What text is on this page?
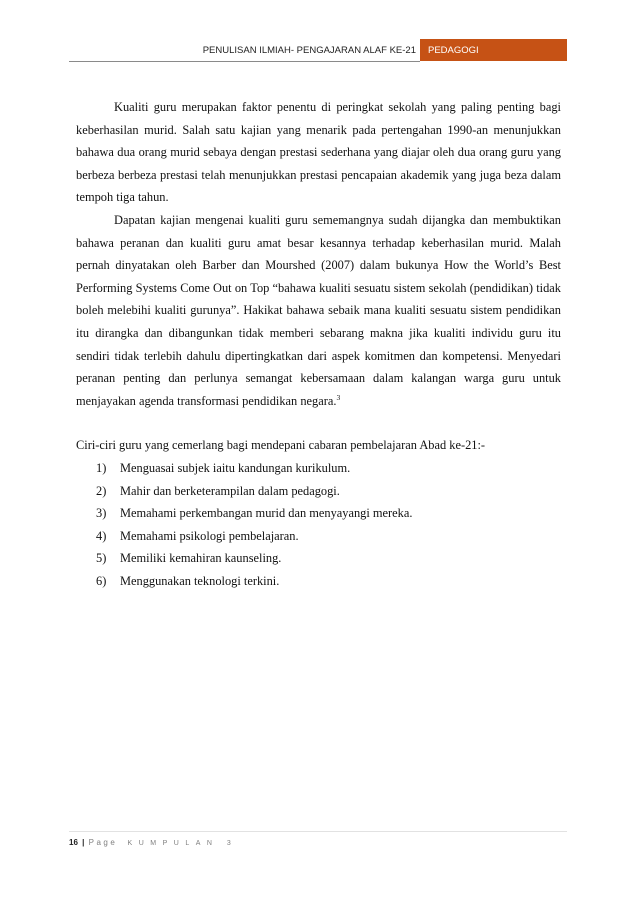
PENULISAN ILMIAH- PENGAJARAN ALAF KE-21	PEDAGOGI

Kualiti guru merupakan faktor penentu di peringkat sekolah yang paling penting bagi keberhasilan murid. Salah satu kajian yang menarik pada pertengahan 1990-an menunjukkan bahawa dua orang murid sebaya dengan prestasi sederhana yang diajar oleh dua orang guru yang berbeza berbeza prestasi telah menunjukkan prestasi pencapaian akademik yang juga beza dalam tempoh tiga tahun.

Dapatan kajian mengenai kualiti guru sememangnya sudah dijangka dan membuktikan bahawa peranan dan kualiti guru amat besar kesannya terhadap keberhasilan murid. Malah pernah dinyatakan oleh Barber dan Mourshed (2007) dalam bukunya How the World’s Best Performing Systems Come Out on Top “bahawa kualiti sesuatu sistem sekolah (pendidikan) tidak boleh melebihi kualiti gurunya”. Hakikat bahawa sebaik mana kualiti sesuatu sistem pendidikan itu dirangka dan dibangunkan tidak memberi sebarang makna jika kualiti individu guru itu sendiri tidak terlebih dahulu dipertingkatkan dari aspek komitmen dan kompetensi. Menyedari peranan penting dan perlunya semangat kebersamaan dalam kalangan warga guru untuk menjayakan agenda transformasi pendidikan negara.$^3$

Ciri-ciri guru yang cemerlang bagi mendepani cabaran pembelajaran Abad ke-21:-

1)	Menguasai subjek iaitu kandungan kurikulum.
2)	Mahir dan berketerampilan dalam pedagogi.
3)	Memahami perkembangan murid dan menyayangi mereka.
4)	Memahami psikologi pembelajaran.
5)	Memiliki kemahiran kaunseling.
6)	Menggunakan teknologi terkini.
16 | Page KUMPULAN 3
